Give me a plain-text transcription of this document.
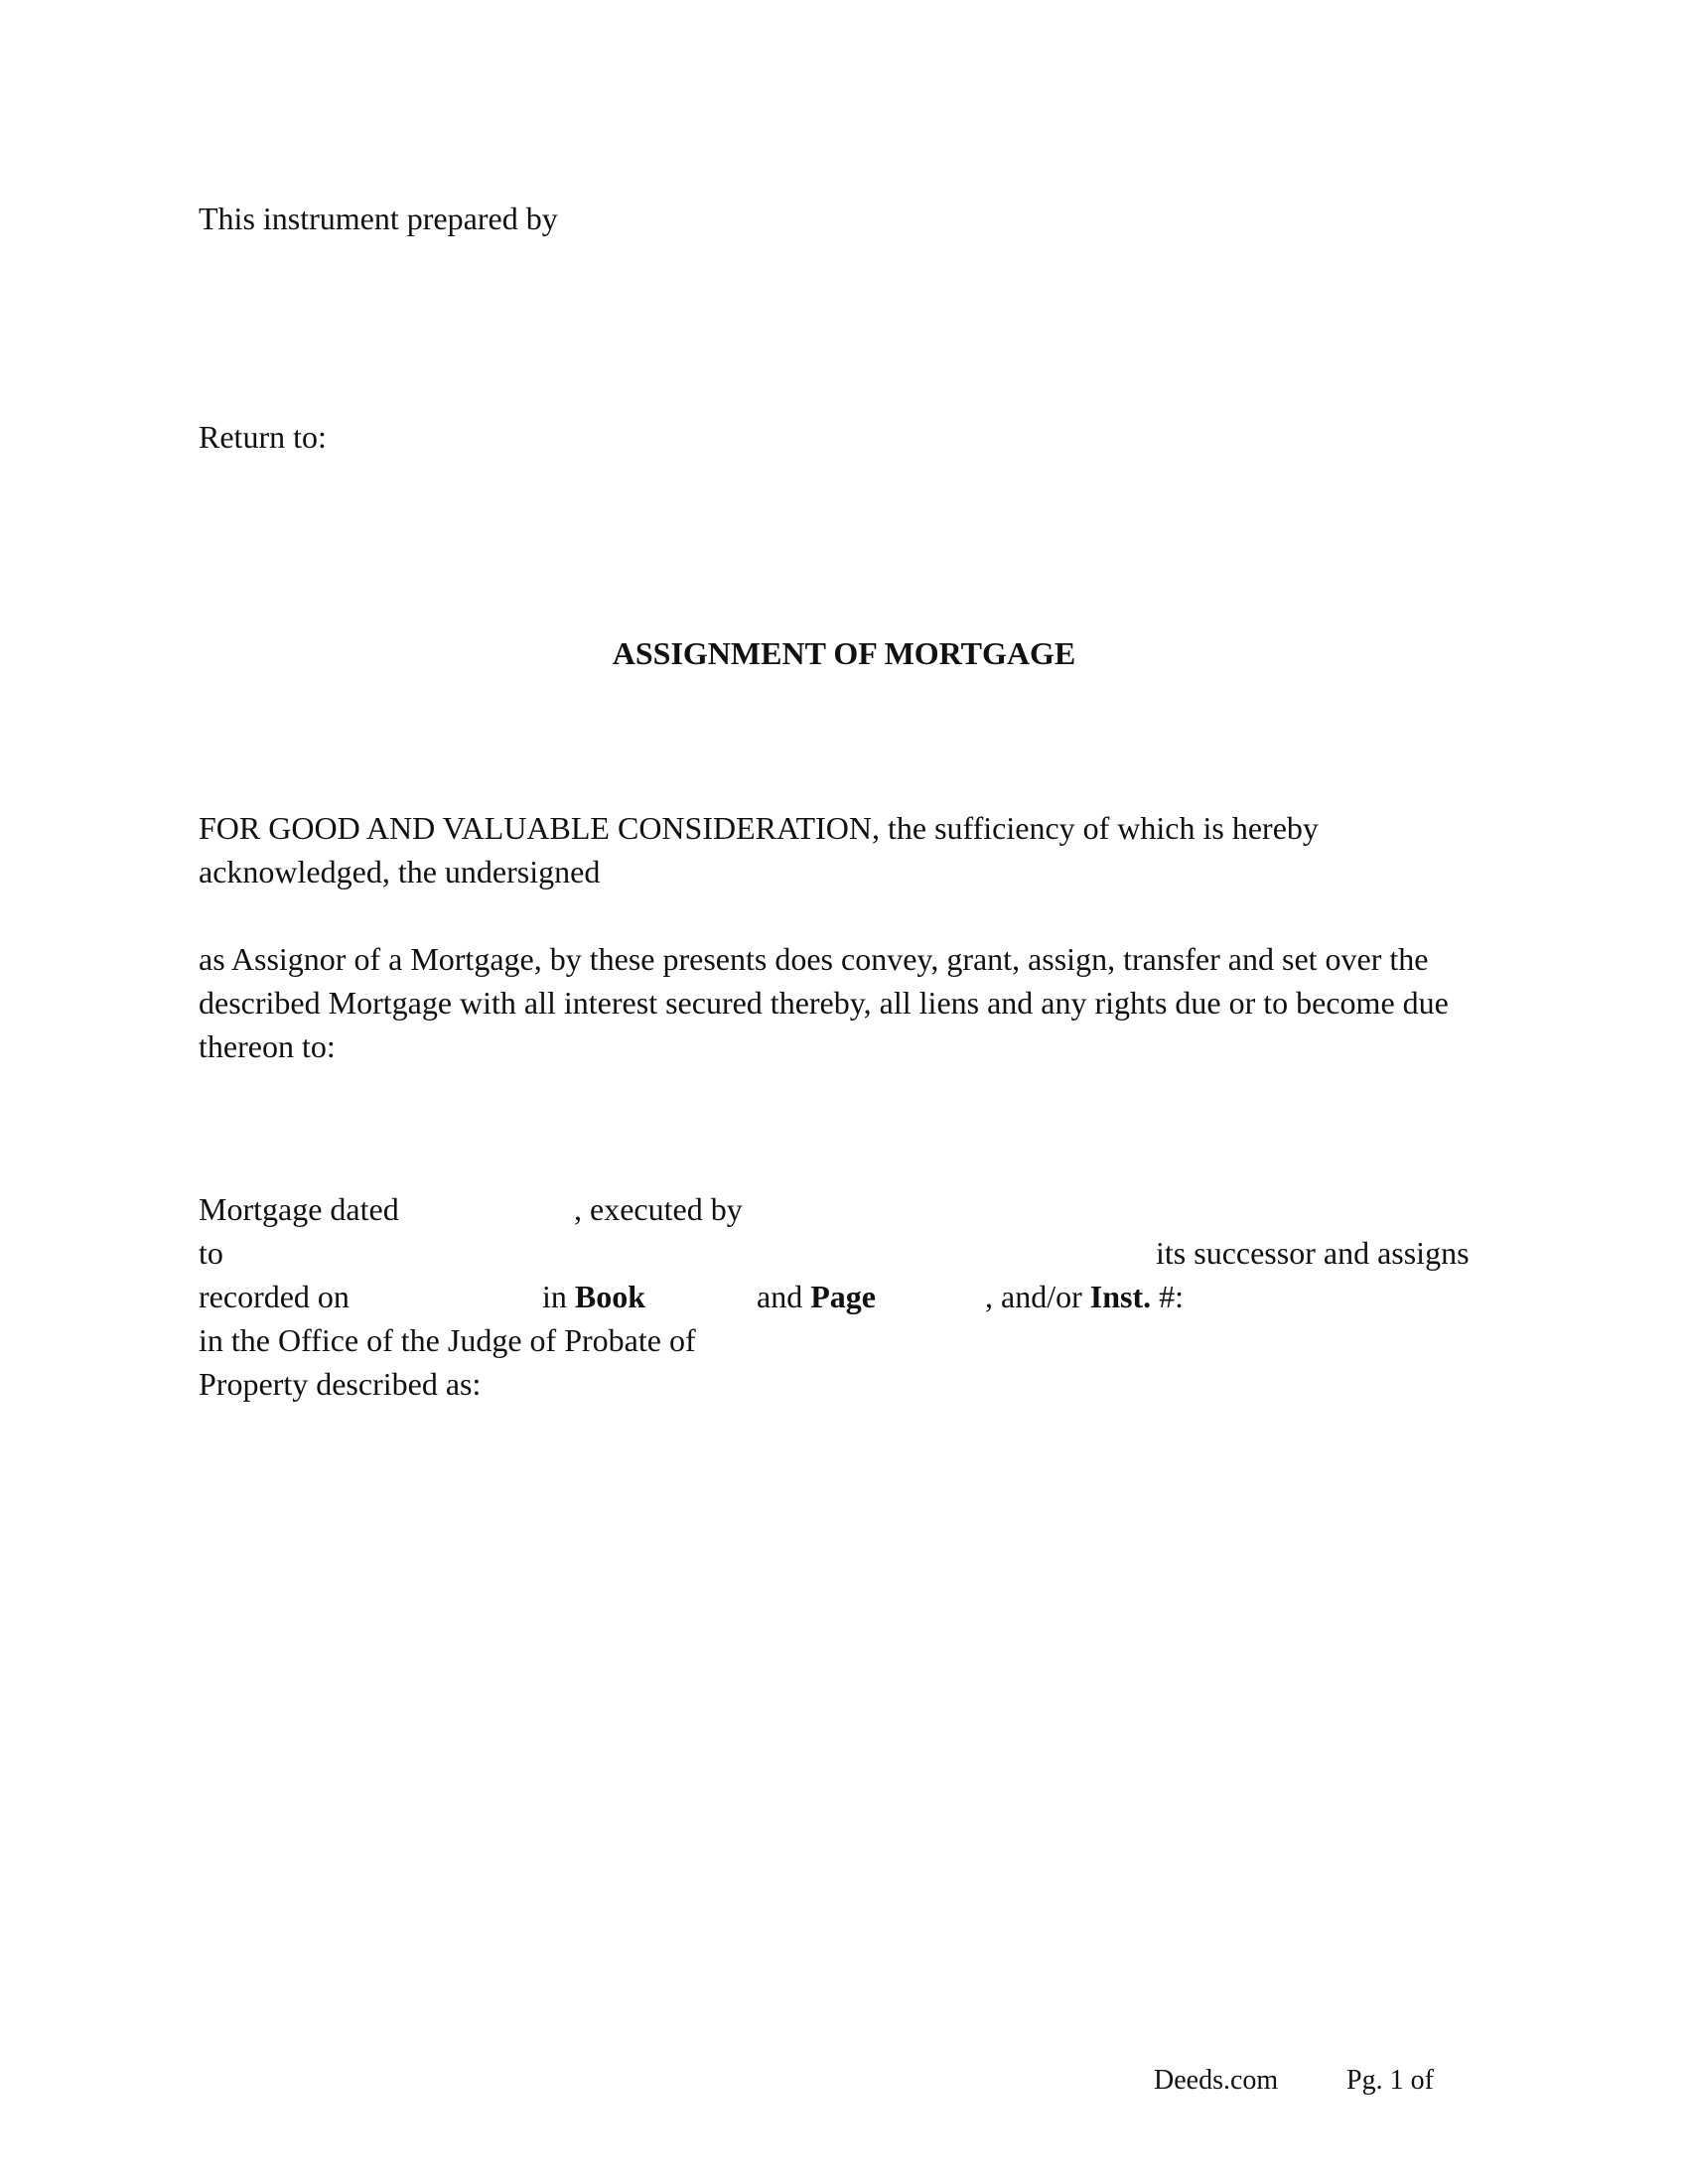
This instrument prepared by
Return to:
ASSIGNMENT OF MORTGAGE
FOR GOOD AND VALUABLE CONSIDERATION, the sufficiency of which is hereby acknowledged, the undersigned
as Assignor of a Mortgage, by these presents does convey, grant, assign, transfer and set over the described Mortgage with all interest secured thereby, all liens and any rights due or to become due thereon to:
Mortgage dated	, executed by
to	its successor and assigns
recorded on	in Book	and Page	, and/or Inst. #:
in the Office of the Judge of Probate of
Property described as:
Deeds.com Pg. 1 of
